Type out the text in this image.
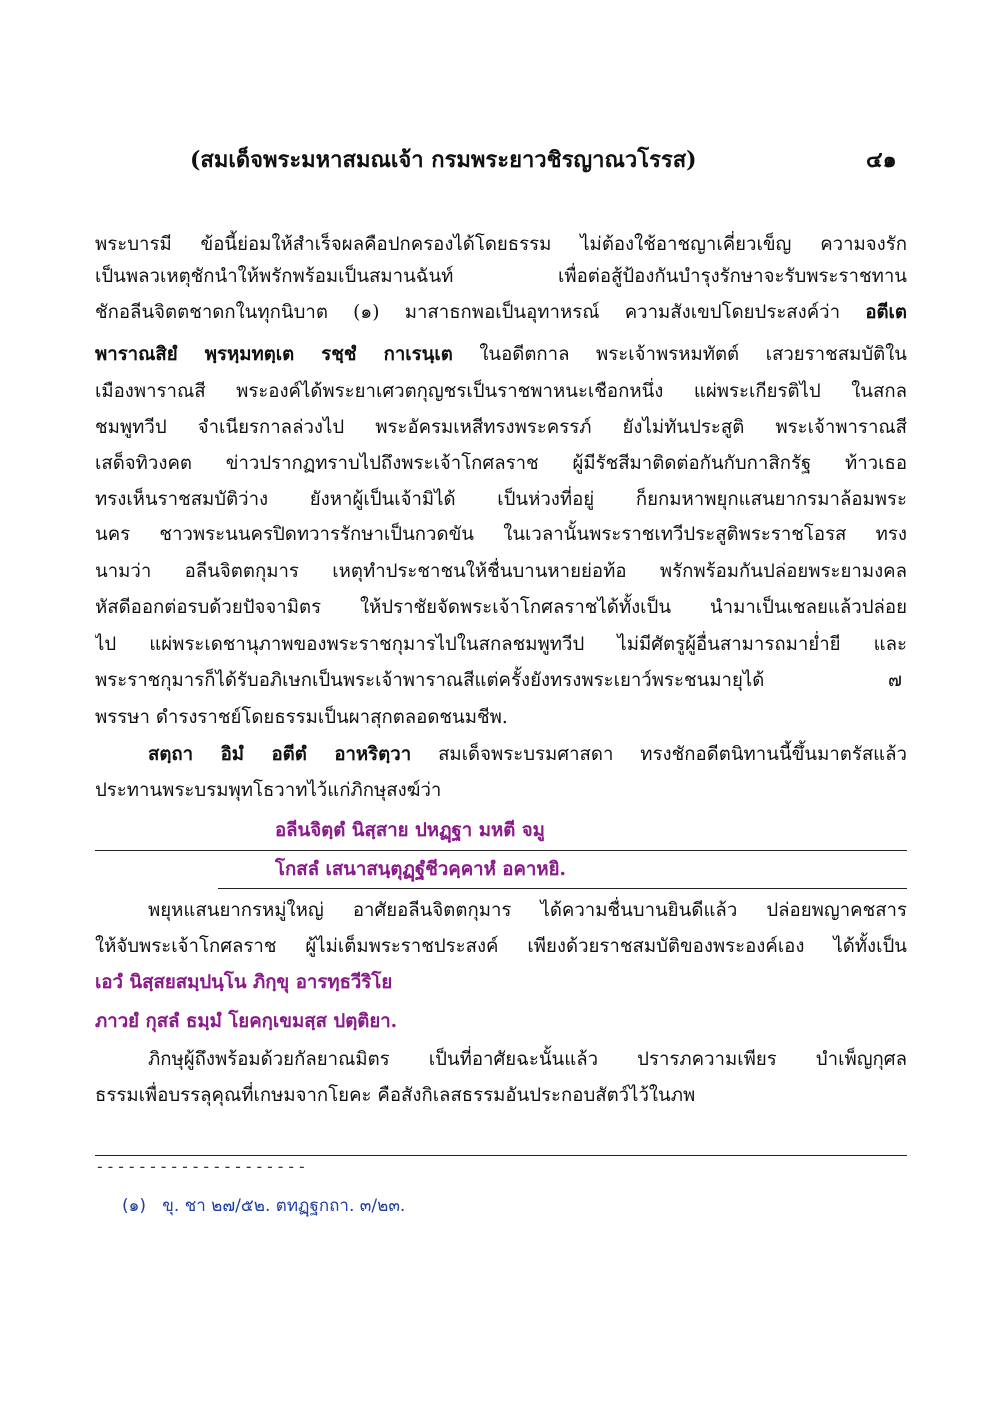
(สมเด็จพระมหาสมณเจ้า กรมพระยาวชิรญาณวโรรส)	๔๑
พระบารมี ข้อนี้ย่อมให้สำเร็จผลคือปกครองได้โดยธรรม ไม่ต้องใช้อาชญาเคี่ยวเข็ญ ความจงรัก
เป็นพลวเหตุชักนำให้พรักพร้อมเป็นสมานฉันท์ เพื่อต่อสู้ป้องกันบำรุงรักษาจะรับพระราชทาน
ชักอลีนจิตตชาดกในทุกนิบาต (๑) มาสาธกพอเป็นอุทาหรณ์ ความสังเขปโดยประสงค์ว่า อตีเต
พาราณสิยํ พฺรหฺมทตฺเต รชฺชํ กาเรนฺเต ในอดีตกาล พระเจ้าพรหมทัตต์ เสวยราชสมบัติใน
เมืองพาราณสี พระองค์ได้พระยาเศวตกุญชรเป็นราชพาหนะเชือกหนึ่ง แผ่พระเกียรติไป ในสกล
ชมพูทวีป จำเนียรกาลล่วงไป พระอัครมเหสีทรงพระครรภ์ ยังไม่ทันประสูติ พระเจ้าพาราณสี
เสด็จทิวงคต ข่าวปรากฏทราบไปถึงพระเจ้าโกศลราช ผู้มีรัชสีมาติดต่อกันกับกาสิกรัฐ ท้าวเธอ
ทรงเห็นราชสมบัติว่าง ยังหาผู้เป็นเจ้ามิได้ เป็นห่วงที่อยู่ ก็ยกมหาพยุกแสนยากรมาล้อมพระ
นคร ชาวพระนนครปิดทวารรักษาเป็นกวดขัน ในเวลานั้นพระราชเทวีประสูติพระราชโอรส ทรง
นามว่า อลีนจิตตกุมาร เหตุทำประชาชนให้ชื่นบานหายย่อท้อ พรักพร้อมกันปล่อยพระยามงคล
หัสดีออกต่อรบด้วยปัจจามิตร ให้ปราชัยจัดพระเจ้าโกศลราชได้ทั้งเป็น นำมาเป็นเชลยแล้วปล่อย
ไป แผ่พระเดชานุภาพของพระราชกุมารไปในสกลชมพูทวีป ไม่มีศัตรูผู้อื่นสามารถมาย่ำยี และ
พระราชกุมารก็ได้รับอภิเษกเป็นพระเจ้าพาราณสีแต่ครั้งยังทรงพระเยาว์พระชนมายุได้	๗
พรรษา ดำรงราชย์โดยธรรมเป็นผาสุกตลอดชนมชีพ.
สตฺถา อิมํ อตีตํ อาหริตฺวา สมเด็จพระบรมศาสดา ทรงชักอดีตนิทานนี้ขึ้นมาตรัสแล้ว
ประทานพระบรมพุทโธวาทไว้แก่ภิกษุสงฆ์ว่า
อลีนจิตฺตํ นิสฺสาย ปหฏฺฐา มหตี จมู
โกสลํ เสนาสนฺตุฏฺฐํชีวคฺคาหํ อคาหยิ.
พยุหแสนยากรหมู่ใหญ่ อาศัยอลีนจิตตกุมาร ได้ความชื่นบานยินดีแล้ว ปล่อยพญาคชสาร
ให้จับพระเจ้าโกศลราช ผู้ไม่เต็มพระราชประสงค์ เพียงด้วยราชสมบัติของพระองค์เอง ได้ทั้งเป็น
เอวํ นิสฺสยสมฺปนฺโน ภิกฺขุ อารทฺธวีริโย
ภาวยํ กุสลํ ธมฺมํ โยคกฺเขมสฺส ปตฺติยา.
ภิกษุผู้ถึงพร้อมด้วยกัลยาณมิตร เป็นที่อาศัยฉะนั้นแล้ว ปรารภความเพียร บำเพ็ญกุศล
ธรรมเพื่อบรรลุคุณที่เกษมจากโยคะ คือสังกิเลสธรรมอันประกอบสัตว์ไว้ในภพ
--------------------
(๑)   ขุ. ชา ๒๗/๕๒. ตทฏฺฐกถา. ๓/๒๓.
